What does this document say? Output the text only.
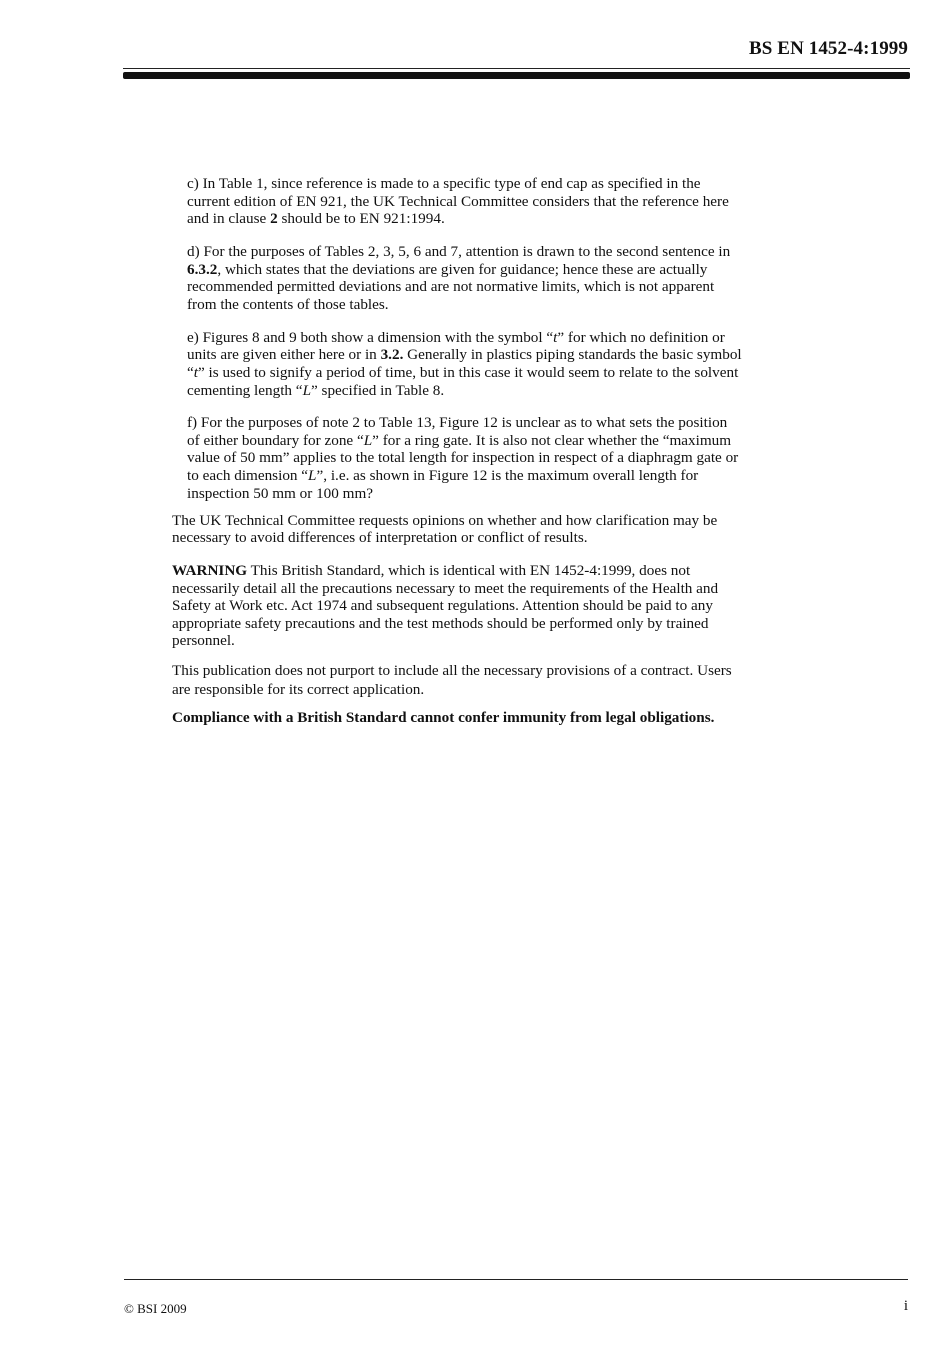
BS EN 1452-4:1999

c) In Table 1, since reference is made to a specific type of end cap as specified in the current edition of EN 921, the UK Technical Committee considers that the reference here and in clause 2 should be to EN 921:1994.

d) For the purposes of Tables 2, 3, 5, 6 and 7, attention is drawn to the second sentence in 6.3.2, which states that the deviations are given for guidance; hence these are actually recommended permitted deviations and are not normative limits, which is not apparent from the contents of those tables.

e) Figures 8 and 9 both show a dimension with the symbol “t” for which no definition or units are given either here or in 3.2. Generally in plastics piping standards the basic symbol “t” is used to signify a period of time, but in this case it would seem to relate to the solvent cementing length “L” specified in Table 8.

f) For the purposes of note 2 to Table 13, Figure 12 is unclear as to what sets the position of either boundary for zone “L” for a ring gate. It is also not clear whether the “maximum value of 50 mm” applies to the total length for inspection in respect of a diaphragm gate or to each dimension “L”, i.e. as shown in Figure 12 is the maximum overall length for inspection 50 mm or 100 mm?

The UK Technical Committee requests opinions on whether and how clarification may be necessary to avoid differences of interpretation or conflict of results.

WARNING This British Standard, which is identical with EN 1452-4:1999, does not necessarily detail all the precautions necessary to meet the requirements of the Health and Safety at Work etc. Act 1974 and subsequent regulations. Attention should be paid to any appropriate safety precautions and the test methods should be performed only by trained personnel.

This publication does not purport to include all the necessary provisions of a contract. Users are responsible for its correct application.

Compliance with a British Standard cannot confer immunity from legal obligations.

© BSI 2009	i
